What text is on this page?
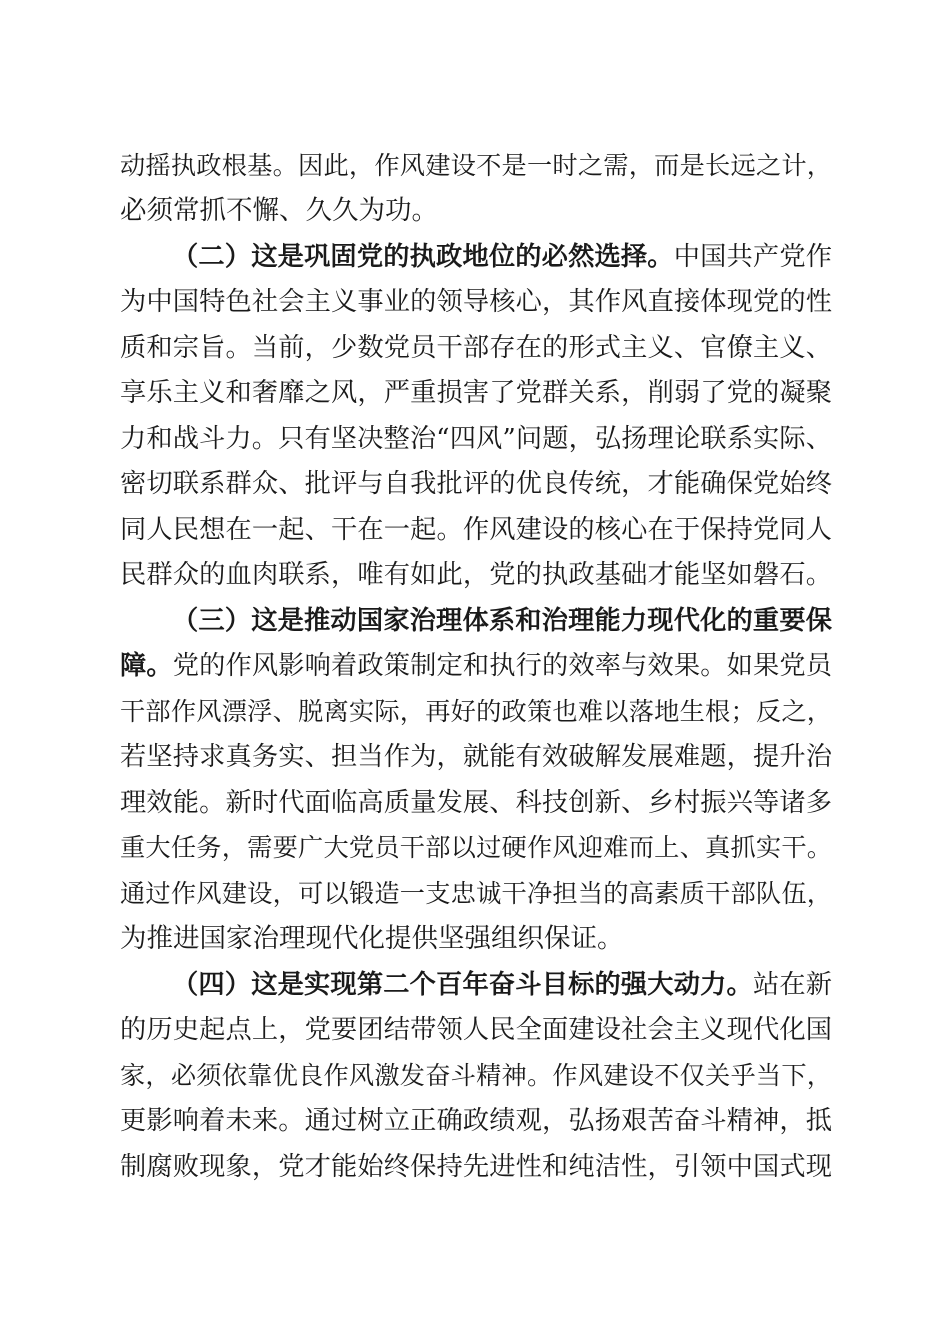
动摇执政根基。因此，作风建设不是一时之需，而是长远之计，
必须常抓不懈、久久为功。
（二）这是巩固党的执政地位的必然选择。中国共产党作
为中国特色社会主义事业的领导核心，其作风直接体现党的性
质和宗旨。当前，少数党员干部存在的形式主义、官僚主义、
享乐主义和奢靡之风，严重损害了党群关系，削弱了党的凝聚
力和战斗力。只有坚决整治“四风”问题，弘扬理论联系实际、
密切联系群众、批评与自我批评的优良传统，才能确保党始终
同人民想在一起、干在一起。作风建设的核心在于保持党同人
民群众的血肉联系，唯有如此，党的执政基础才能坚如磐石。
（三）这是推动国家治理体系和治理能力现代化的重要保
障。党的作风影响着政策制定和执行的效率与效果。如果党员
干部作风漂浮、脱离实际，再好的政策也难以落地生根；反之，
若坚持求真务实、担当作为，就能有效破解发展难题，提升治
理效能。新时代面临高质量发展、科技创新、乡村振兴等诸多
重大任务，需要广大党员干部以过硬作风迎难而上、真抓实干。
通过作风建设，可以锻造一支忠诚干净担当的高素质干部队伍，
为推进国家治理现代化提供坚强组织保证。
（四）这是实现第二个百年奋斗目标的强大动力。站在新
的历史起点上，党要团结带领人民全面建设社会主义现代化国
家，必须依靠优良作风激发奋斗精神。作风建设不仅关乎当下，
更影响着未来。通过树立正确政绩观，弘扬艰苦奋斗精神，抵
制腐败现象，党才能始终保持先进性和纯洁性，引领中国式现
